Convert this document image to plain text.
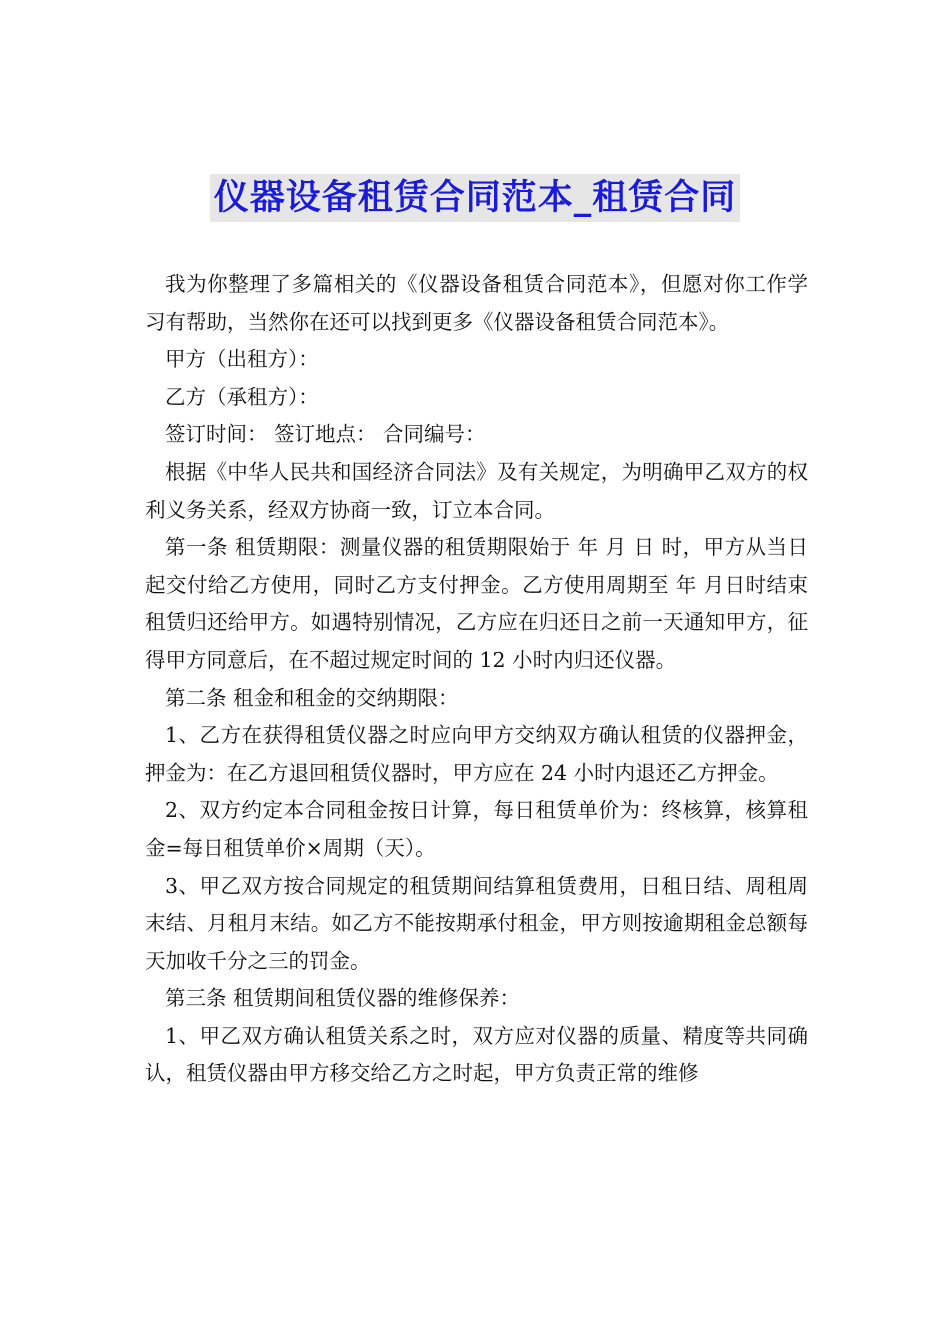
仪器设备租赁合同范本_租赁合同

我为你整理了多篇相关的《仪器设备租赁合同范本》，但愿对你工作学习有帮助，当然你在还可以找到更多《仪器设备租赁合同范本》。

甲方（出租方）：

乙方（承租方）：

签订时间： 签订地点： 合同编号：

根据《中华人民共和国经济合同法》及有关规定，为明确甲乙双方的权利义务关系，经双方协商一致，订立本合同。

第一条 租赁期限：测量仪器的租赁期限始于 年 月 日 时，甲方从当日起交付给乙方使用，同时乙方支付押金。乙方使用周期至 年 月日时结束租赁归还给甲方。如遇特别情况，乙方应在归还日之前一天通知甲方，征得甲方同意后，在不超过规定时间的 12 小时内归还仪器。

第二条 租金和租金的交纳期限：

1、乙方在获得租赁仪器之时应向甲方交纳双方确认租赁的仪器押金，押金为：在乙方退回租赁仪器时，甲方应在 24 小时内退还乙方押金。

2、双方约定本合同租金按日计算，每日租赁单价为：终核算，核算租金=每日租赁单价×周期（天）。

3、甲乙双方按合同规定的租赁期间结算租赁费用，日租日结、周租周末结、月租月末结。如乙方不能按期承付租金，甲方则按逾期租金总额每天加收千分之三的罚金。

第三条 租赁期间租赁仪器的维修保养：

1、甲乙双方确认租赁关系之时，双方应对仪器的质量、精度等共同确认，租赁仪器由甲方移交给乙方之时起，甲方负责正常的维修
